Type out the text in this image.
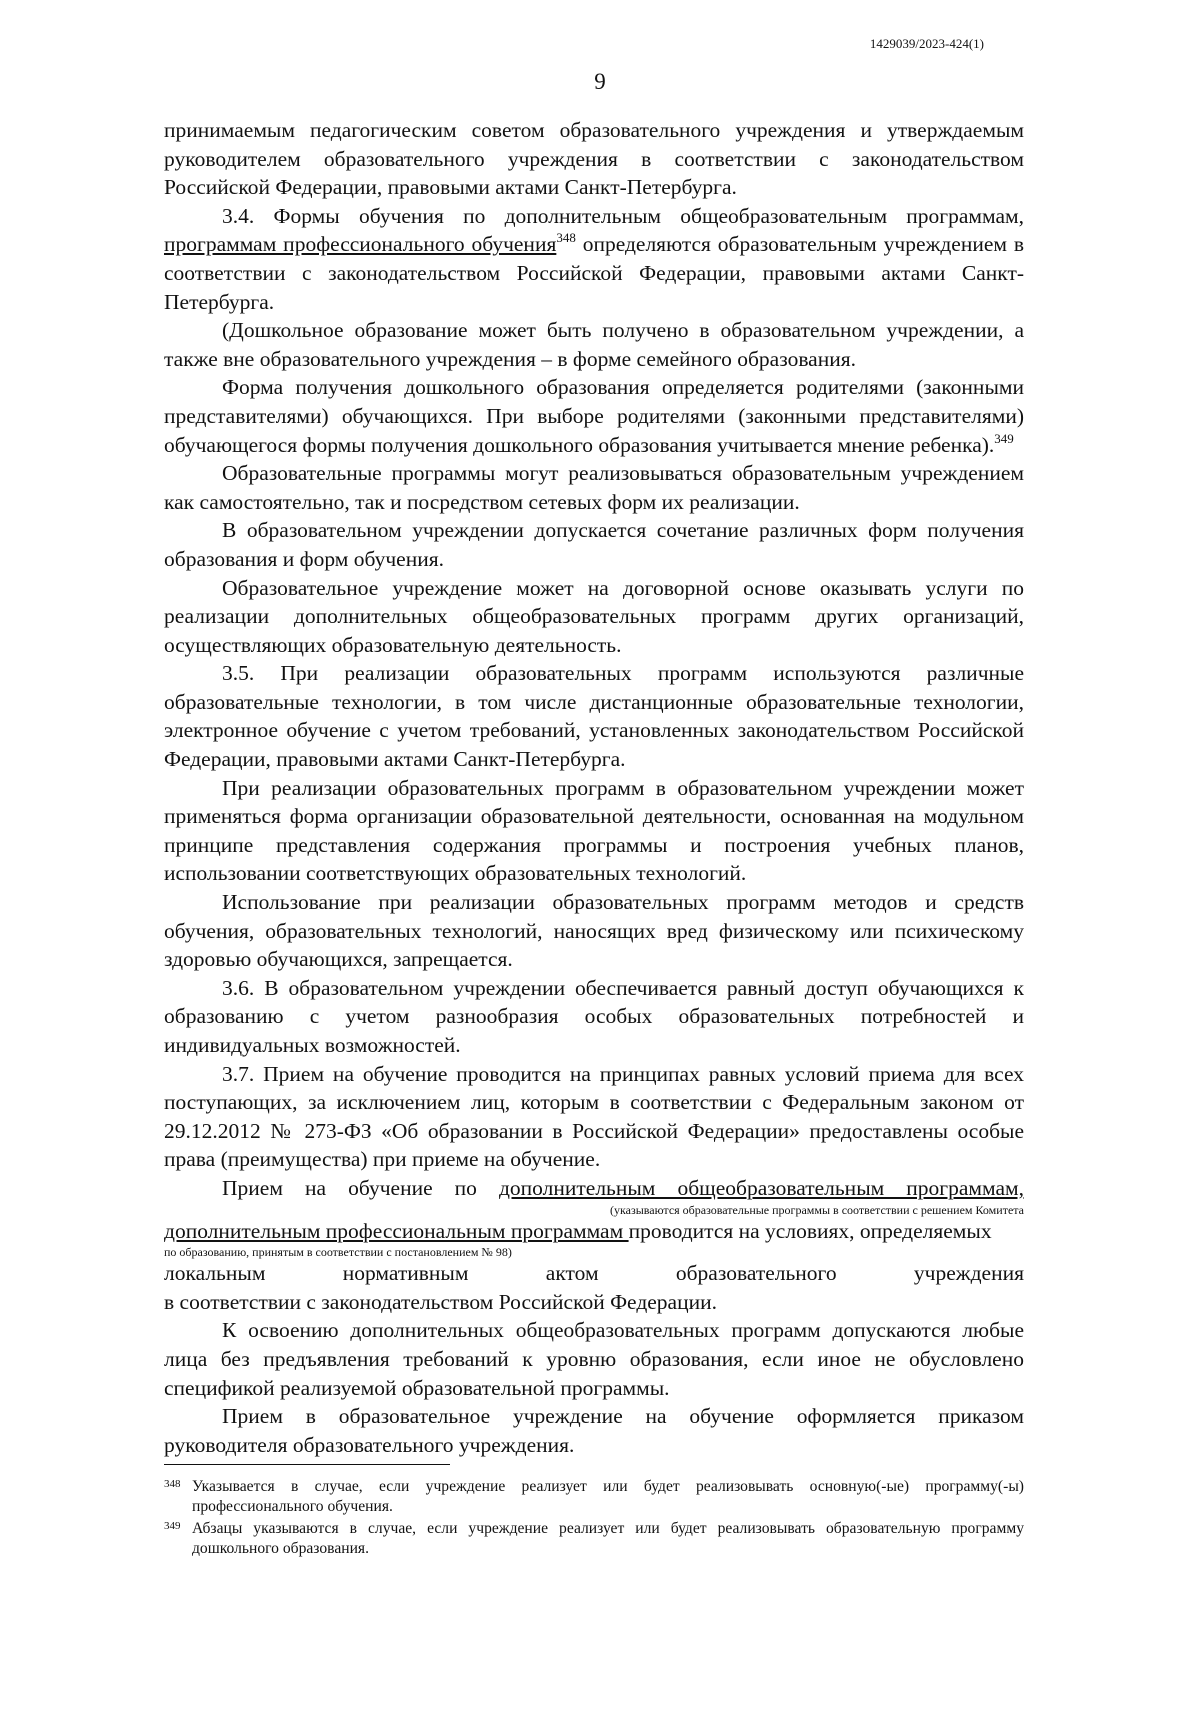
1429039/2023-424(1)
9

принимаемым педагогическим советом образовательного учреждения и утверждаемым руководителем образовательного учреждения в соответствии с законодательством Российской Федерации, правовыми актами Санкт-Петербурга.

3.4. Формы обучения по дополнительным общеобразовательным программам, программам профессионального обучения$^{348}$ определяются образовательным учреждением в соответствии с законодательством Российской Федерации, правовыми актами Санкт-Петербурга.

(Дошкольное образование может быть получено в образовательном учреждении, а также вне образовательного учреждения – в форме семейного образования.

Форма получения дошкольного образования определяется родителями (законными представителями) обучающихся. При выборе родителями (законными представителями) обучающегося формы получения дошкольного образования учитывается мнение ребенка).$^{349}$

Образовательные программы могут реализовываться образовательным учреждением как самостоятельно, так и посредством сетевых форм их реализации.

В образовательном учреждении допускается сочетание различных форм получения образования и форм обучения.

Образовательное учреждение может на договорной основе оказывать услуги по реализации дополнительных общеобразовательных программ других организаций, осуществляющих образовательную деятельность.

3.5. При реализации образовательных программ используются различные образовательные технологии, в том числе дистанционные образовательные технологии, электронное обучение с учетом требований, установленных законодательством Российской Федерации, правовыми актами Санкт-Петербурга.

При реализации образовательных программ в образовательном учреждении может применяться форма организации образовательной деятельности, основанная на модульном принципе представления содержания программы и построения учебных планов, использовании соответствующих образовательных технологий.

Использование при реализации образовательных программ методов и средств обучения, образовательных технологий, наносящих вред физическому или психическому здоровью обучающихся, запрещается.

3.6. В образовательном учреждении обеспечивается равный доступ обучающихся к образованию с учетом разнообразия особых образовательных потребностей и индивидуальных возможностей.

3.7. Прием на обучение проводится на принципах равных условий приема для всех поступающих, за исключением лиц, которым в соответствии с Федеральным законом от 29.12.2012 № 273-ФЗ «Об образовании в Российской Федерации» предоставлены особые права (преимущества) при приеме на обучение.

Прием на обучение по дополнительным общеобразовательным программам,

(указываются образовательные программы в соответствии с решением Комитета

дополнительным профессиональным программам проводится на условиях, определяемых

по образованию, принятым в соответствии с постановлением № 98)

локальным нормативным актом образовательного учреждения

в соответствии с законодательством Российской Федерации.

К освоению дополнительных общеобразовательных программ допускаются любые лица без предъявления требований к уровню образования, если иное не обусловлено спецификой реализуемой образовательной программы.

Прием в образовательное учреждение на обучение оформляется приказом руководителя образовательного учреждения.

348 Указывается в случае, если учреждение реализует или будет реализовывать основную(-ые) программу(-ы) профессионального обучения.
349 Абзацы указываются в случае, если учреждение реализует или будет реализовывать образовательную программу дошкольного образования.
